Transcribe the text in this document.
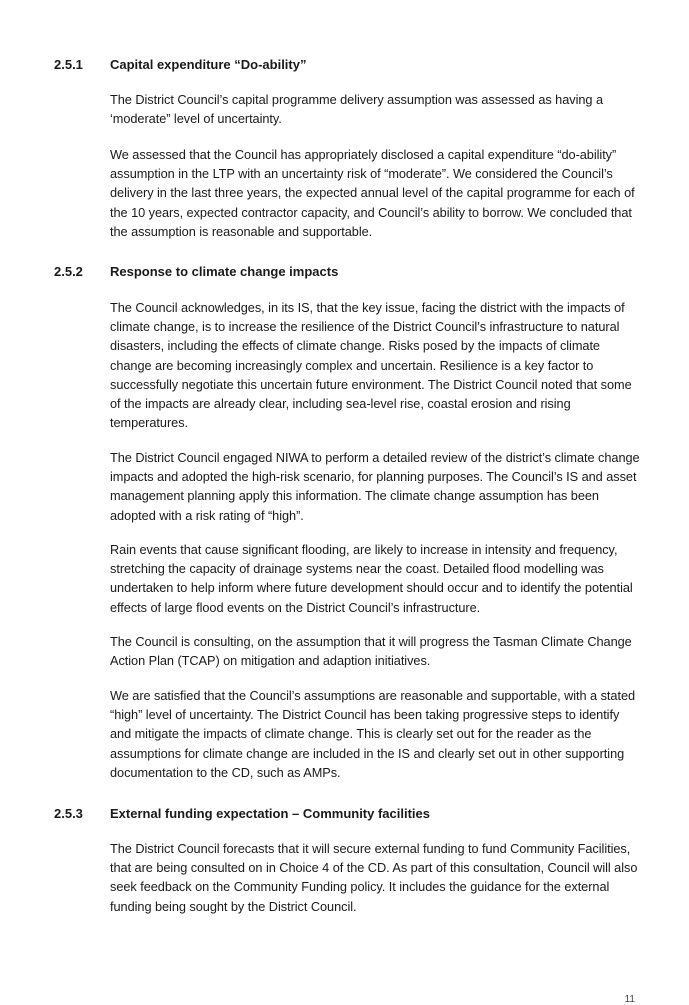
2.5.1 Capital expenditure “Do-ability”

The District Council’s capital programme delivery assumption was assessed as having a ‘moderate” level of uncertainty.

We assessed that the Council has appropriately disclosed a capital expenditure “do-ability” assumption in the LTP with an uncertainty risk of “moderate”. We considered the Council’s delivery in the last three years, the expected annual level of the capital programme for each of the 10 years, expected contractor capacity, and Council’s ability to borrow. We concluded that the assumption is reasonable and supportable.

2.5.2 Response to climate change impacts

The Council acknowledges, in its IS, that the key issue, facing the district with the impacts of climate change, is to increase the resilience of the District Council’s infrastructure to natural disasters, including the effects of climate change. Risks posed by the impacts of climate change are becoming increasingly complex and uncertain. Resilience is a key factor to successfully negotiate this uncertain future environment. The District Council noted that some of the impacts are already clear, including sea-level rise, coastal erosion and rising temperatures.

The District Council engaged NIWA to perform a detailed review of the district’s climate change impacts and adopted the high-risk scenario, for planning purposes. The Council’s IS and asset management planning apply this information. The climate change assumption has been adopted with a risk rating of “high”.

Rain events that cause significant flooding, are likely to increase in intensity and frequency, stretching the capacity of drainage systems near the coast. Detailed flood modelling was undertaken to help inform where future development should occur and to identify the potential effects of large flood events on the District Council’s infrastructure.

The Council is consulting, on the assumption that it will progress the Tasman Climate Change Action Plan (TCAP) on mitigation and adaption initiatives.

We are satisfied that the Council’s assumptions are reasonable and supportable, with a stated “high” level of uncertainty. The District Council has been taking progressive steps to identify and mitigate the impacts of climate change. This is clearly set out for the reader as the assumptions for climate change are included in the IS and clearly set out in other supporting documentation to the CD, such as AMPs.

2.5.3 External funding expectation – Community facilities

The District Council forecasts that it will secure external funding to fund Community Facilities, that are being consulted on in Choice 4 of the CD. As part of this consultation, Council will also seek feedback on the Community Funding policy. It includes the guidance for the external funding being sought by the District Council.

11
